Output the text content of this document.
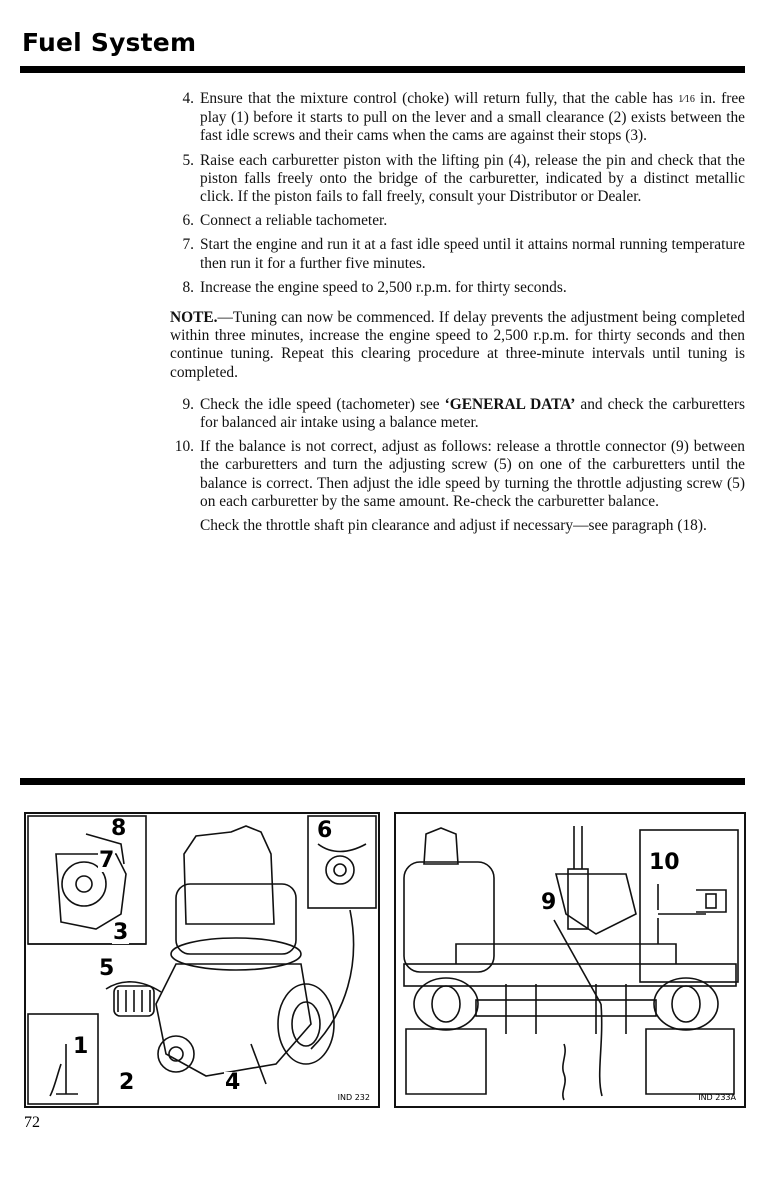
Fuel System
4. Ensure that the mixture control (choke) will return fully, that the cable has 1⁄16 in. free play (1) before it starts to pull on the lever and a small clearance (2) exists between the fast idle screws and their cams when the cams are against their stops (3).
5. Raise each carburetter piston with the lifting pin (4), release the pin and check that the piston falls freely onto the bridge of the carburetter, indicated by a distinct metallic click. If the piston fails to fall freely, consult your Distributor or Dealer.
6. Connect a reliable tachometer.
7. Start the engine and run it at a fast idle speed until it attains normal running temperature then run it for a further five minutes.
8. Increase the engine speed to 2,500 r.p.m. for thirty seconds.

NOTE.—Tuning can now be commenced. If delay prevents the adjustment being completed within three minutes, increase the engine speed to 2,500 r.p.m. for thirty seconds and then continue tuning. Repeat this clearing procedure at three-minute intervals until tuning is completed.

9. Check the idle speed (tachometer) see ‘GENERAL DATA’ and check the carburetters for balanced air intake using a balance meter.
10. If the balance is not correct, adjust as follows: release a throttle connector (9) between the carburetters and turn the adjusting screw (5) on one of the carburetters until the balance is correct. Then adjust the idle speed by turning the throttle adjusting screw (5) on each carburetter by the same amount. Re-check the carburetter balance.

Check the throttle shaft pin clearance and adjust if necessary—see paragraph (18).

8
7
3
5
6
1
2	4
IND 232
9
10
IND 233A
72
